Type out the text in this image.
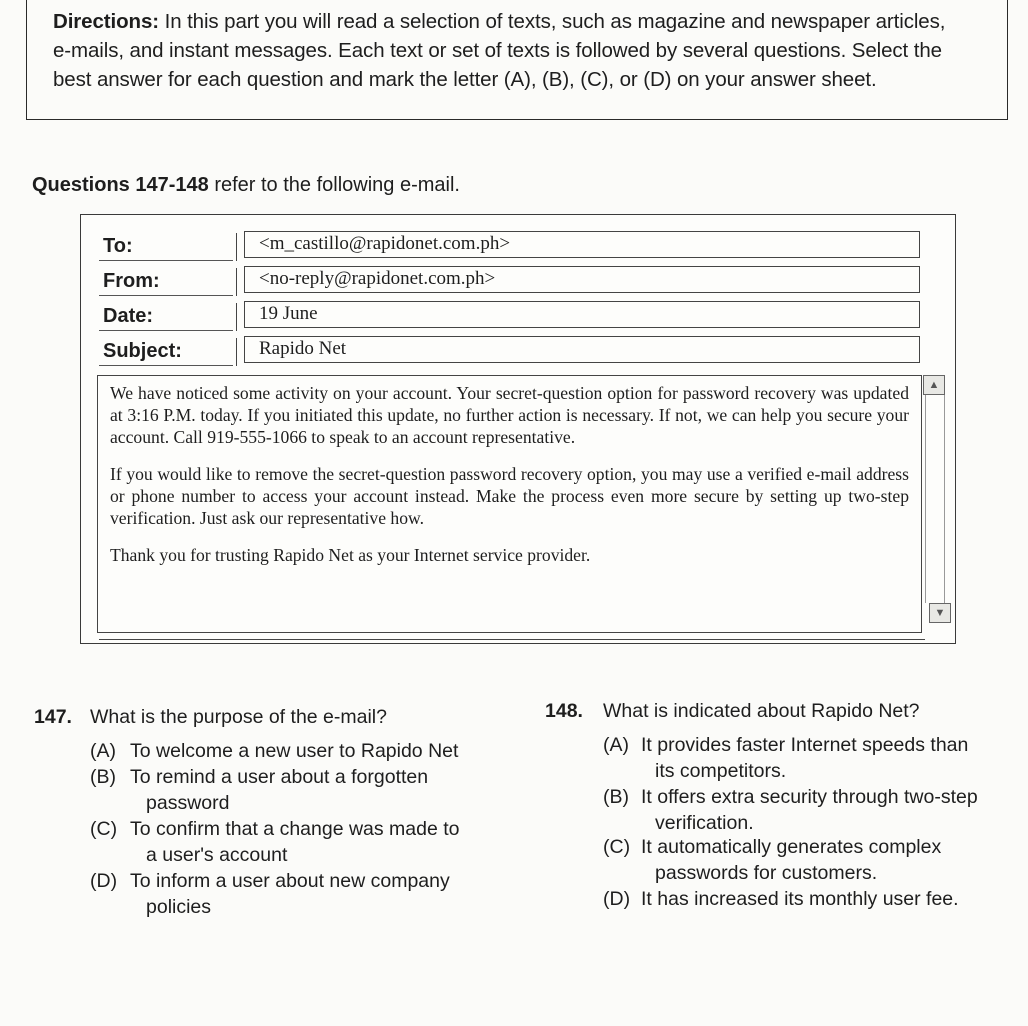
Directions: In this part you will read a selection of texts, such as magazine and newspaper articles,
e-mails, and instant messages. Each text or set of texts is followed by several questions. Select the
best answer for each question and mark the letter (A), (B), (C), or (D) on your answer sheet.
Questions 147-148 refer to the following e-mail.
To:	<m_castillo@rapidonet.com.ph>
From:	<no-reply@rapidonet.com.ph>
Date:	19 June
Subject:	Rapido Net

We have noticed some activity on your account. Your secret-question option for password recovery was updated at 3:16 P.M. today. If you initiated this update, no further action is necessary. If not, we can help you secure your account. Call 919-555-1066 to speak to an account representative.

If you would like to remove the secret-question password recovery option, you may use a verified e-mail address or phone number to access your account instead. Make the process even more secure by setting up two-step verification. Just ask our representative how.

Thank you for trusting Rapido Net as your Internet service provider.

▲
▼
147. What is the purpose of the e-mail?
(A) To welcome a new user to Rapido Net
(B) To remind a user about a forgotten
password
(C) To confirm that a change was made to
a user's account
(D) To inform a user about new company
policies
148. What is indicated about Rapido Net?
(A) It provides faster Internet speeds than
its competitors.
(B) It offers extra security through two-step
verification.
(C) It automatically generates complex
passwords for customers.
(D) It has increased its monthly user fee.
